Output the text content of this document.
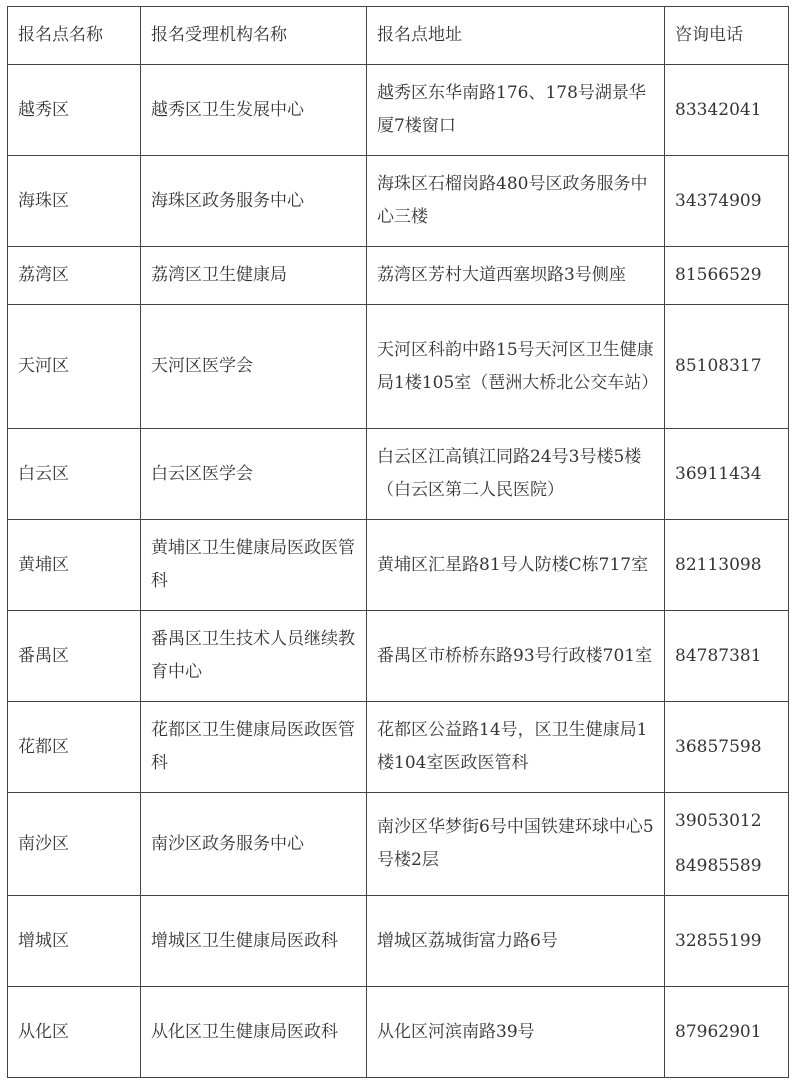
报名点名称	报名受理机构名称	报名点地址	咨询电话
越秀区	越秀区卫生发展中心	越秀区东华南路176、178号湖景华厦7楼窗口	83342041

海珠区	海珠区政务服务中心	海珠区石榴岗路480号区政务服务中心三楼	34374909

荔湾区	荔湾区卫生健康局	荔湾区芳村大道西塞坝路3号侧座	81566529

天河区	天河区医学会	天河区科韵中路15号天河区卫生健康局1楼105室（琶洲大桥北公交车站）	85108317

白云区	白云区医学会	白云区江高镇江同路24号3号楼5楼（白云区第二人民医院）	36911434

黄埔区	黄埔区卫生健康局医政医管科	黄埔区汇星路81号人防楼C栋717室	82113098

番禺区	番禺区卫生技术人员继续教育中心	番禺区市桥桥东路93号行政楼701室	84787381

花都区	花都区卫生健康局医政医管科	花都区公益路14号，区卫生健康局1楼104室医政医管科	36857598

南沙区	南沙区政务服务中心	南沙区华梦街6号中国铁建环球中心5号楼2层	39053012
84985589

增城区	增城区卫生健康局医政科	增城区荔城街富力路6号	32855199

从化区	从化区卫生健康局医政科	从化区河滨南路39号	87962901
